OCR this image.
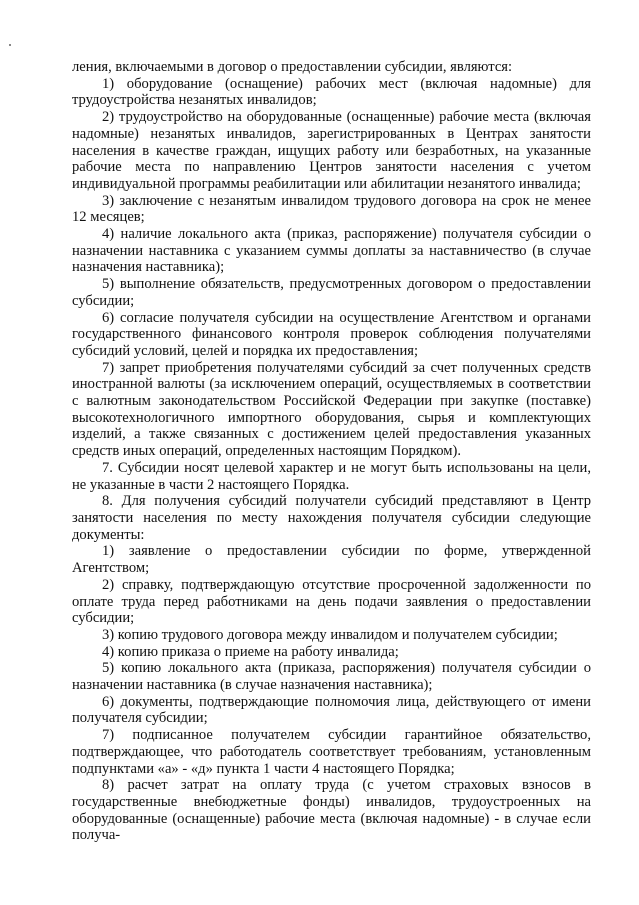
ления, включаемыми в договор о предоставлении субсидии, являются:

1) оборудование (оснащение) рабочих мест (включая надомные) для трудоустройства незанятых инвалидов;

2) трудоустройство на оборудованные (оснащенные) рабочие места (включая надомные) незанятых инвалидов, зарегистрированных в Центрах занятости населения в качестве граждан, ищущих работу или безработных, на указанные рабочие места по направлению Центров занятости населения с учетом индивидуальной программы реабилитации или абилитации незанятого инвалида;

3) заключение с незанятым инвалидом трудового договора на срок не менее 12 месяцев;

4) наличие локального акта (приказ, распоряжение) получателя субсидии о назначении наставника с указанием суммы доплаты за наставничество (в случае назначения наставника);

5) выполнение обязательств, предусмотренных договором о предоставлении субсидии;

6) согласие получателя субсидии на осуществление Агентством и органами государственного финансового контроля проверок соблюдения получателями субсидий условий, целей и порядка их предоставления;

7) запрет приобретения получателями субсидий за счет полученных средств иностранной валюты (за исключением операций, осуществляемых в соответствии с валютным законодательством Российской Федерации при закупке (поставке) высокотехнологичного импортного оборудования, сырья и комплектующих изделий, а также связанных с достижением целей предоставления указанных средств иных операций, определенных настоящим Порядком).

7. Субсидии носят целевой характер и не могут быть использованы на цели, не указанные в части 2 настоящего Порядка.

8. Для получения субсидий получатели субсидий представляют в Центр занятости населения по месту нахождения получателя субсидии следующие документы:

1) заявление о предоставлении субсидии по форме, утвержденной Агентством;

2) справку, подтверждающую отсутствие просроченной задолженности по оплате труда перед работниками на день подачи заявления о предоставлении субсидии;

3) копию трудового договора между инвалидом и получателем субсидии;

4) копию приказа о приеме на работу инвалида;

5) копию локального акта (приказа, распоряжения) получателя субсидии о назначении наставника (в случае назначения наставника);

6) документы, подтверждающие полномочия лица, действующего от имени получателя субсидии;

7) подписанное получателем субсидии гарантийное обязательство, подтверждающее, что работодатель соответствует требованиям, установленным подпунктами «а» - «д» пункта 1 части 4 настоящего Порядка;

8) расчет затрат на оплату труда (с учетом страховых взносов в государственные внебюджетные фонды) инвалидов, трудоустроенных на оборудованные (оснащенные) рабочие места (включая надомные) - в случае если получа-
